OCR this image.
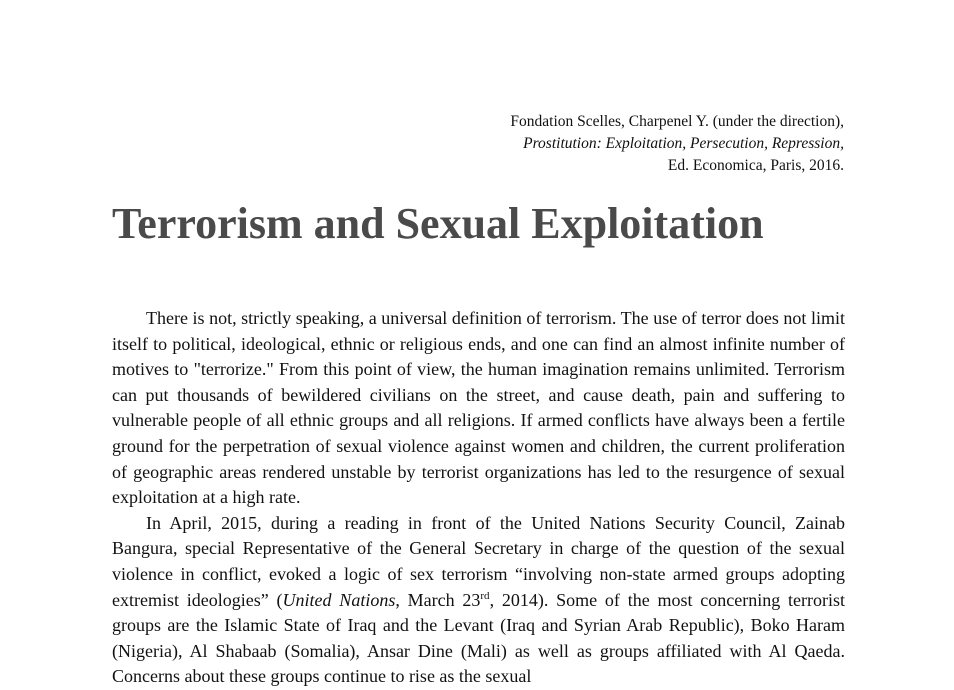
Fondation Scelles, Charpenel Y. (under the direction),
Prostitution: Exploitation, Persecution, Repression,
Ed. Economica, Paris, 2016.
Terrorism and Sexual Exploitation

There is not, strictly speaking, a universal definition of terrorism. The use of terror does not limit itself to political, ideological, ethnic or religious ends, and one can find an almost infinite number of motives to "terrorize." From this point of view, the human imagination remains unlimited. Terrorism can put thousands of bewildered civilians on the street, and cause death, pain and suffering to vulnerable people of all ethnic groups and all religions. If armed conflicts have always been a fertile ground for the perpetration of sexual violence against women and children, the current proliferation of geographic areas rendered unstable by terrorist organizations has led to the resurgence of sexual exploitation at a high rate.

In April, 2015, during a reading in front of the United Nations Security Council, Zainab Bangura, special Representative of the General Secretary in charge of the question of the sexual violence in conflict, evoked a logic of sex terrorism “involving non-state armed groups adopting extremist ideologies” (United Nations, March 23rd, 2014). Some of the most concerning terrorist groups are the Islamic State of Iraq and the Levant (Iraq and Syrian Arab Republic), Boko Haram (Nigeria), Al Shabaab (Somalia), Ansar Dine (Mali) as well as groups affiliated with Al Qaeda. Concerns about these groups continue to rise as the sexual
